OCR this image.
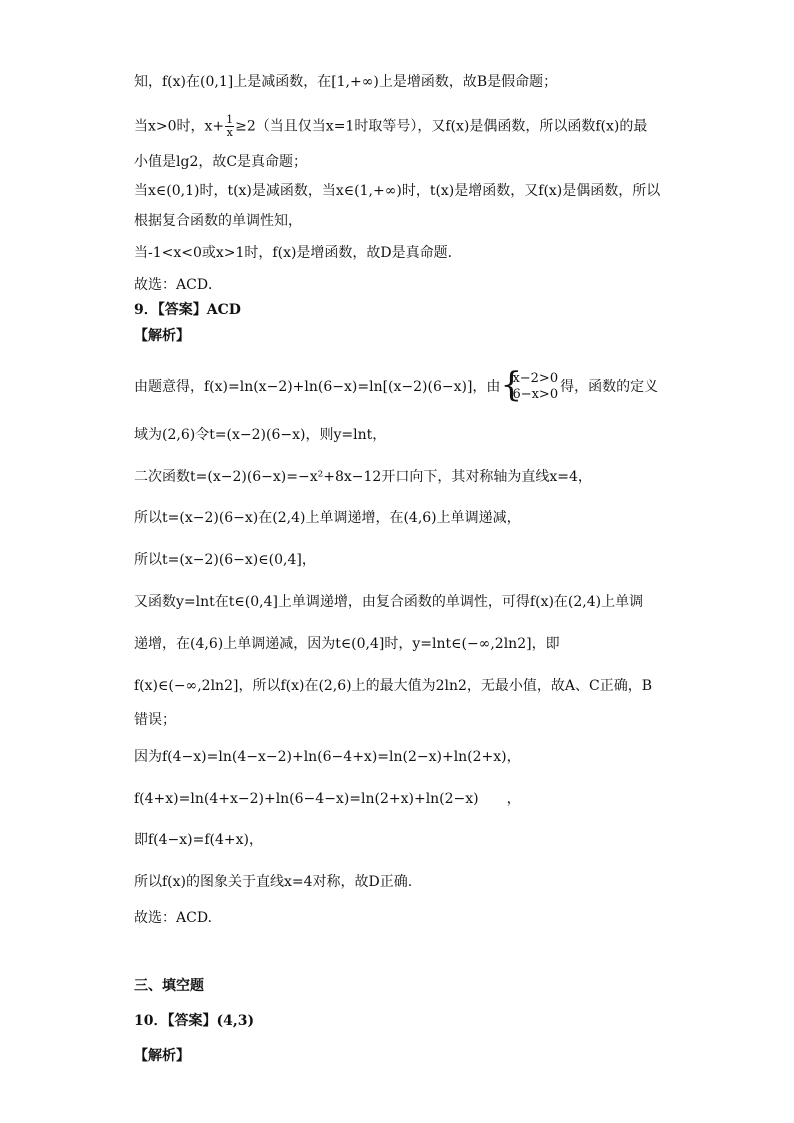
知，f(x)在(0,1]上是减函数，在[1,+∞)上是增函数，故B是假命题；
当x>0时，$x+ \frac{1}{x} \ge 2$（当且仅当x=1时取等号），又f(x)是偶函数，所以函数f(x)的最
小值是lg2，故C是真命题；
当x∈(0,1)时，t(x)是减函数，当x∈(1,+∞)时，t(x)是增函数，又f(x)是偶函数，所以
根据复合函数的单调性知，
当-1<x<0或x>1时，f(x)是增函数，故D是真命题．
故选：ACD．
9．【答案】ACD
【解析】
由题意得，f(x)=ln(x−2)+ln(6−x)=ln[(x−2)(6−x)]，由
{ x−2>0
6−x>0 得，函数的定义
域为(2,6)令t=(x−2)(6−x)，则y=lnt，
二次函数t=(x−2)(6−x)=−x²+8x−12开口向下，其对称轴为直线x=4，
所以t=(x−2)(6−x)在(2,4)上单调递增，在(4,6)上单调递减，
所以t=(x−2)(6−x)∈(0,4]，
又函数y=lnt在t∈(0,4]上单调递增，由复合函数的单调性，可得f(x)在(2,4)上单调
递增，在(4,6)上单调递减，因为t∈(0,4]时，y=lnt∈(−∞,2ln2]，即
f(x)∈(−∞,2ln2]，所以f(x)在(2,6)上的最大值为2ln2，无最小值，故A、C正确，B
错误；
因为f(4−x)=ln(4−x−2)+ln(6−4+x)=ln(2−x)+ln(2+x)，
f(4+x)=ln(4+x−2)+ln(6−4−x)=ln(2+x)+ln(2−x)　　，
即f(4−x)=f(4+x)，
所以f(x)的图象关于直线x=4对称，故D正确.
故选：ACD.
三、填空题
10．【答案】(4,3)
【解析】
